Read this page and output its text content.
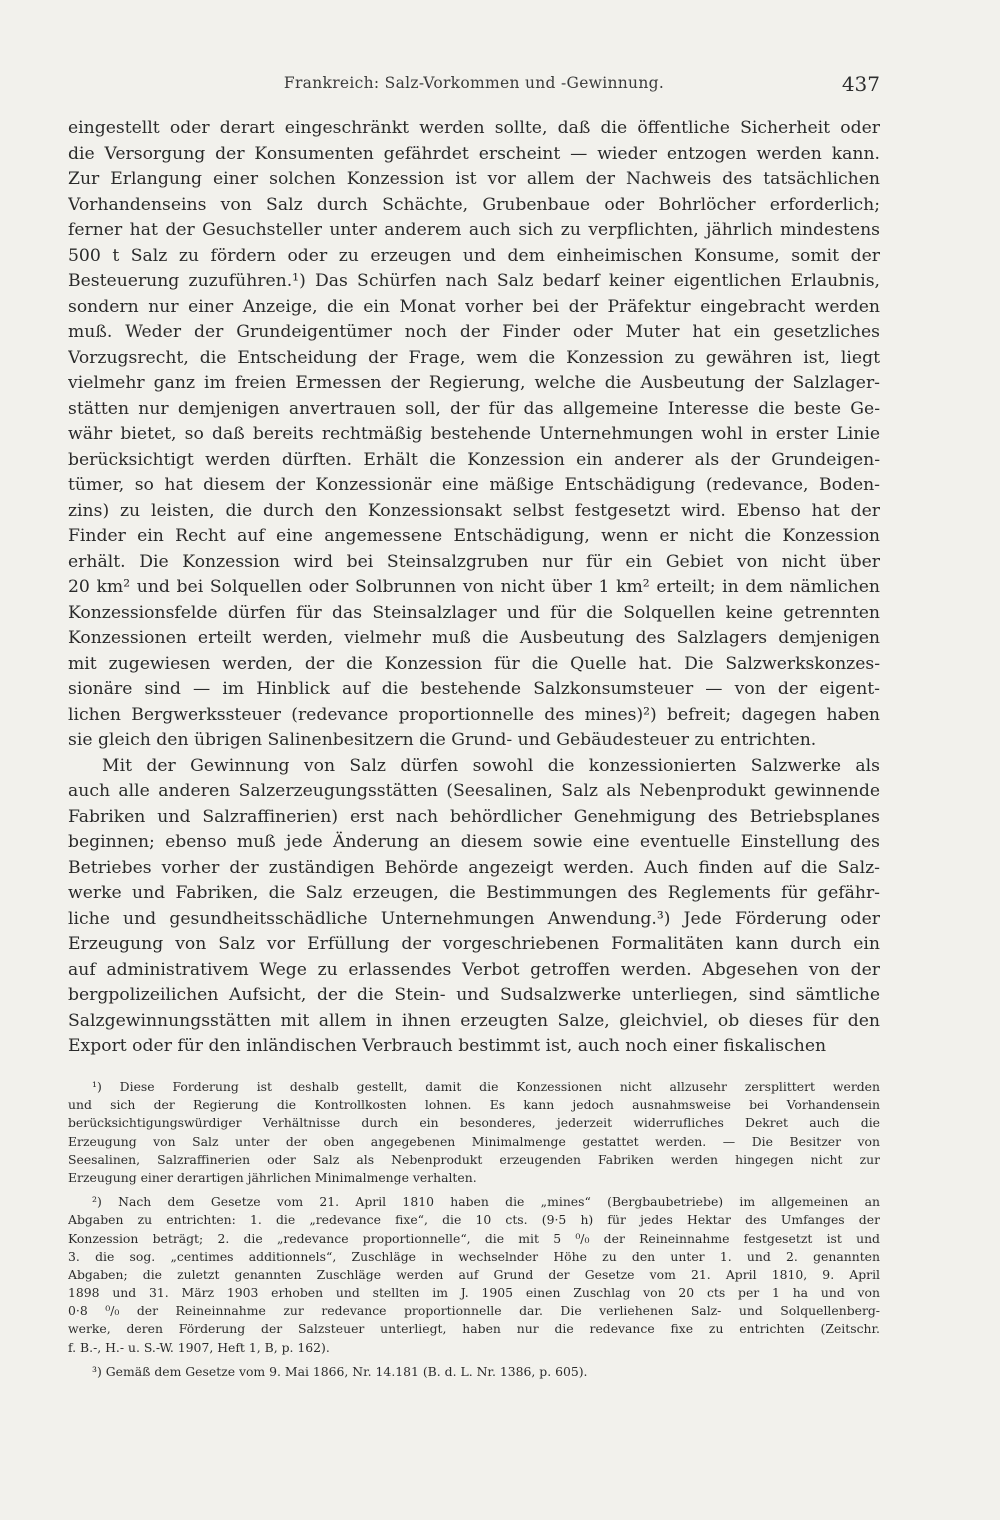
Frankreich: Salz-Vorkommen und -Gewinnung.	437
eingestellt oder derart eingeschränkt werden sollte, daß die öffentliche Sicherheit oder
die Versorgung der Konsumenten gefährdet erscheint — wieder entzogen werden kann.
Zur Erlangung einer solchen Konzession ist vor allem der Nachweis des tatsächlichen
Vorhandenseins von Salz durch Schächte, Grubenbaue oder Bohrlöcher erforderlich;
ferner hat der Gesuchsteller unter anderem auch sich zu verpflichten, jährlich mindestens
500 t Salz zu fördern oder zu erzeugen und dem einheimischen Konsume, somit der
Besteuerung zuzuführen.¹) Das Schürfen nach Salz bedarf keiner eigentlichen Erlaubnis,
sondern nur einer Anzeige, die ein Monat vorher bei der Präfektur eingebracht werden
muß. Weder der Grundeigentümer noch der Finder oder Muter hat ein gesetzliches
Vorzugsrecht, die Entscheidung der Frage, wem die Konzession zu gewähren ist, liegt
vielmehr ganz im freien Ermessen der Regierung, welche die Ausbeutung der Salzlager-
stätten nur demjenigen anvertrauen soll, der für das allgemeine Interesse die beste Ge-
währ bietet, so daß bereits rechtmäßig bestehende Unternehmungen wohl in erster Linie
berücksichtigt werden dürften. Erhält die Konzession ein anderer als der Grundeigen-
tümer, so hat diesem der Konzessionär eine mäßige Entschädigung (redevance, Boden-
zins) zu leisten, die durch den Konzessionsakt selbst festgesetzt wird. Ebenso hat der
Finder ein Recht auf eine angemessene Entschädigung, wenn er nicht die Konzession
erhält. Die Konzession wird bei Steinsalzgruben nur für ein Gebiet von nicht über
20 km² und bei Solquellen oder Solbrunnen von nicht über 1 km² erteilt; in dem nämlichen
Konzessionsfelde dürfen für das Steinsalzlager und für die Solquellen keine getrennten
Konzessionen erteilt werden, vielmehr muß die Ausbeutung des Salzlagers demjenigen
mit zugewiesen werden, der die Konzession für die Quelle hat. Die Salzwerkskonzes-
sionäre sind — im Hinblick auf die bestehende Salzkonsumsteuer — von der eigent-
lichen Bergwerkssteuer (redevance proportionnelle des mines)²) befreit; dagegen haben
sie gleich den übrigen Salinenbesitzern die Grund- und Gebäudesteuer zu entrichten.
Mit der Gewinnung von Salz dürfen sowohl die konzessionierten Salzwerke als
auch alle anderen Salzerzeugungsstätten (Seesalinen, Salz als Nebenprodukt gewinnende
Fabriken und Salzraffinerien) erst nach behördlicher Genehmigung des Betriebsplanes
beginnen; ebenso muß jede Änderung an diesem sowie eine eventuelle Einstellung des
Betriebes vorher der zuständigen Behörde angezeigt werden. Auch finden auf die Salz-
werke und Fabriken, die Salz erzeugen, die Bestimmungen des Reglements für gefähr-
liche und gesundheitsschädliche Unternehmungen Anwendung.³) Jede Förderung oder
Erzeugung von Salz vor Erfüllung der vorgeschriebenen Formalitäten kann durch ein
auf administrativem Wege zu erlassendes Verbot getroffen werden. Abgesehen von der
bergpolizeilichen Aufsicht, der die Stein- und Sudsalzwerke unterliegen, sind sämtliche
Salzgewinnungsstätten mit allem in ihnen erzeugten Salze, gleichviel, ob dieses für den
Export oder für den inländischen Verbrauch bestimmt ist, auch noch einer fiskalischen
¹) Diese Forderung ist deshalb gestellt, damit die Konzessionen nicht allzusehr zersplittert werden
und sich der Regierung die Kontrollkosten lohnen. Es kann jedoch ausnahmsweise bei Vorhandensein
berücksichtigungswürdiger Verhältnisse durch ein besonderes, jederzeit widerrufliches Dekret auch die
Erzeugung von Salz unter der oben angegebenen Minimalmenge gestattet werden. — Die Besitzer von
Seesalinen, Salzraffinerien oder Salz als Nebenprodukt erzeugenden Fabriken werden hingegen nicht zur
Erzeugung einer derartigen jährlichen Minimalmenge verhalten.
²) Nach dem Gesetze vom 21. April 1810 haben die „mines“ (Bergbaubetriebe) im allgemeinen an
Abgaben zu entrichten: 1. die „redevance fixe“, die 10 cts. (9·5 h) für jedes Hektar des Umfanges der
Konzession beträgt; 2. die „redevance proportionnelle“, die mit 5 ⁰/₀ der Reineinnahme festgesetzt ist und
3. die sog. „centimes additionnels“, Zuschläge in wechselnder Höhe zu den unter 1. und 2. genannten
Abgaben; die zuletzt genannten Zuschläge werden auf Grund der Gesetze vom 21. April 1810, 9. April
1898 und 31. März 1903 erhoben und stellten im J. 1905 einen Zuschlag von 20 cts per 1 ha und von
0·8 ⁰/₀ der Reineinnahme zur redevance proportionnelle dar. Die verliehenen Salz- und Solquellenberg-
werke, deren Förderung der Salzsteuer unterliegt, haben nur die redevance fixe zu entrichten (Zeitschr.
f. B.-, H.- u. S.-W. 1907, Heft 1, B, p. 162).
³) Gemäß dem Gesetze vom 9. Mai 1866, Nr. 14.181 (B. d. L. Nr. 1386, p. 605).
